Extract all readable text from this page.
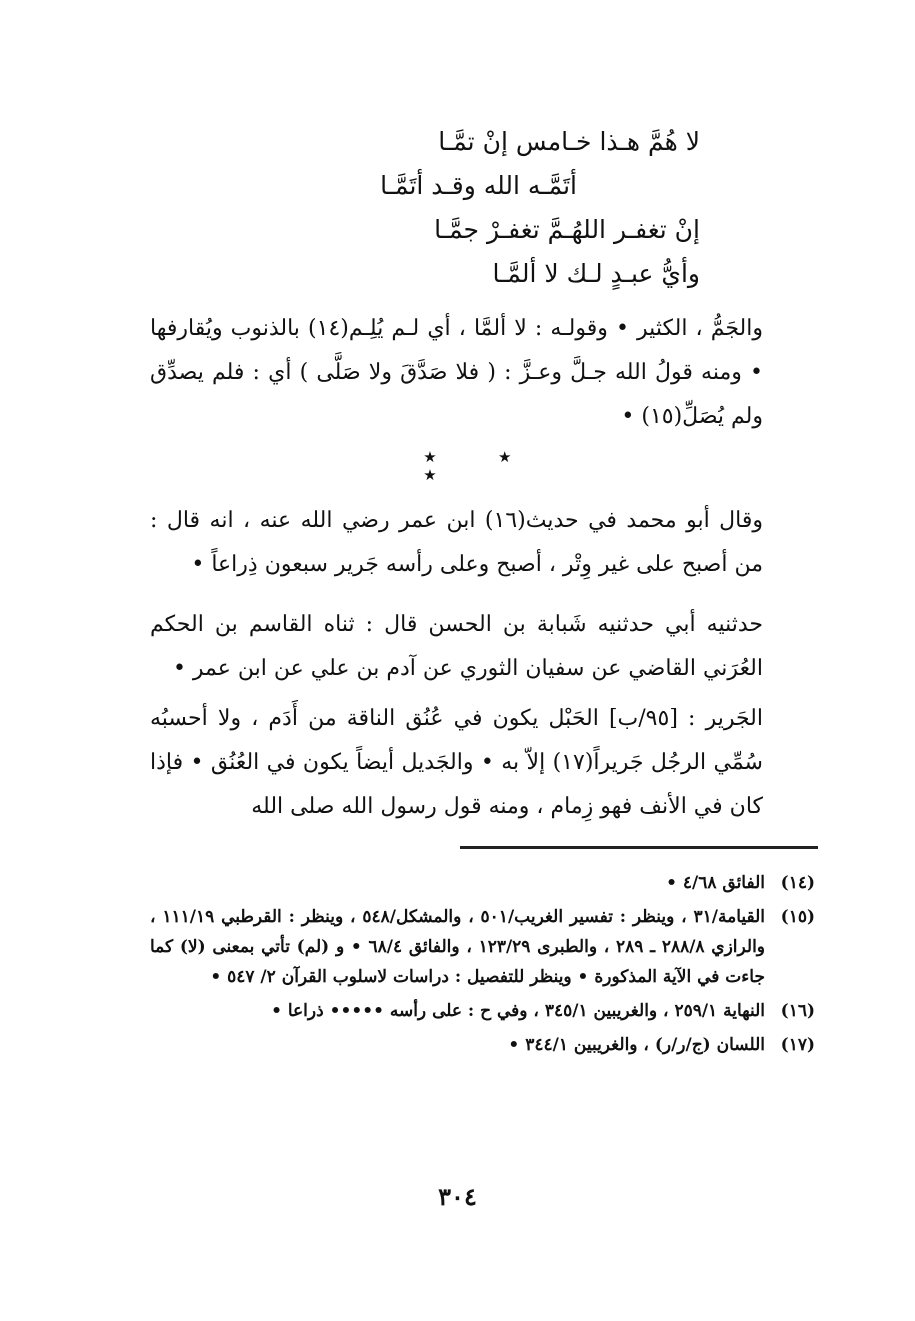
لا هُمَّ هـذا خـامس إنْ تمَّـا
أتَمَّـه الله وقـد أتَمَّـا
إنْ تغفـر اللهُـمَّ تغفـرْ جمَّـا
وأيُّ عبـدٍ لـك لا ألمَّـا
والجَمُّ ، الكثير • وقولـه : لا ألمَّا ، أي لـم يُلِـم(١٤) بالذنوب ويُقارفها • ومنه قولُ الله جـلَّ وعـزَّ : ( فلا صَدَّقَ ولا صَلَّى ) أي : فلم يصدِّق ولم يُصَلِّ(١٥) •
★	★ ★
وقال أبو محمد في حديث(١٦) ابن عمر رضي الله عنه ، انه قال : من أصبح على غير وِتْر ، أصبح وعلى رأسه جَرير سبعون ذِراعاً •
حدثنيه أبي حدثنيه شَبابة بن الحسن قال : ثناه القاسم بن الحكم العُرَني القاضي عن سفيان الثوري عن آدم بن علي عن ابن عمر •
الجَرير : [٩٥/ب] الحَبْل يكون في عُنُق الناقة من أَدَم ، ولا أحسبُه سُمِّي الرجُل جَريراً(١٧) إلاّ به • والجَديل أيضاً يكون في العُنُق • فإذا كان في الأنف فهو زِمام ، ومنه قول رسول الله صلى الله
(١٤)
الفائق ٤/٦٨ •
(١٥)
القيامة/٣١ ، وينظر : تفسير الغريب/٥٠١ ، والمشكل/٥٤٨ ، وينظر : القرطبي ١١١/١٩ ، والرازي ٢٨٨/٨ ـ ٢٨٩ ، والطبرى ١٢٣/٢٩ ، والفائق ٦٨/٤ • و (لم) تأتي بمعنى (لا) كما جاءت في الآية المذكورة • وينظر للتفصيل : دراسات لاسلوب القرآن ٢/ ٥٤٧ •
(١٦)
النهاية ٢٥٩/١ ، والغريبين ٣٤٥/١ ، وفي ح : على رأسه ••••• ذراعا •
(١٧)
اللسان (ج/ر/ر) ، والغريبين ٣٤٤/١ •
٣٠٤
